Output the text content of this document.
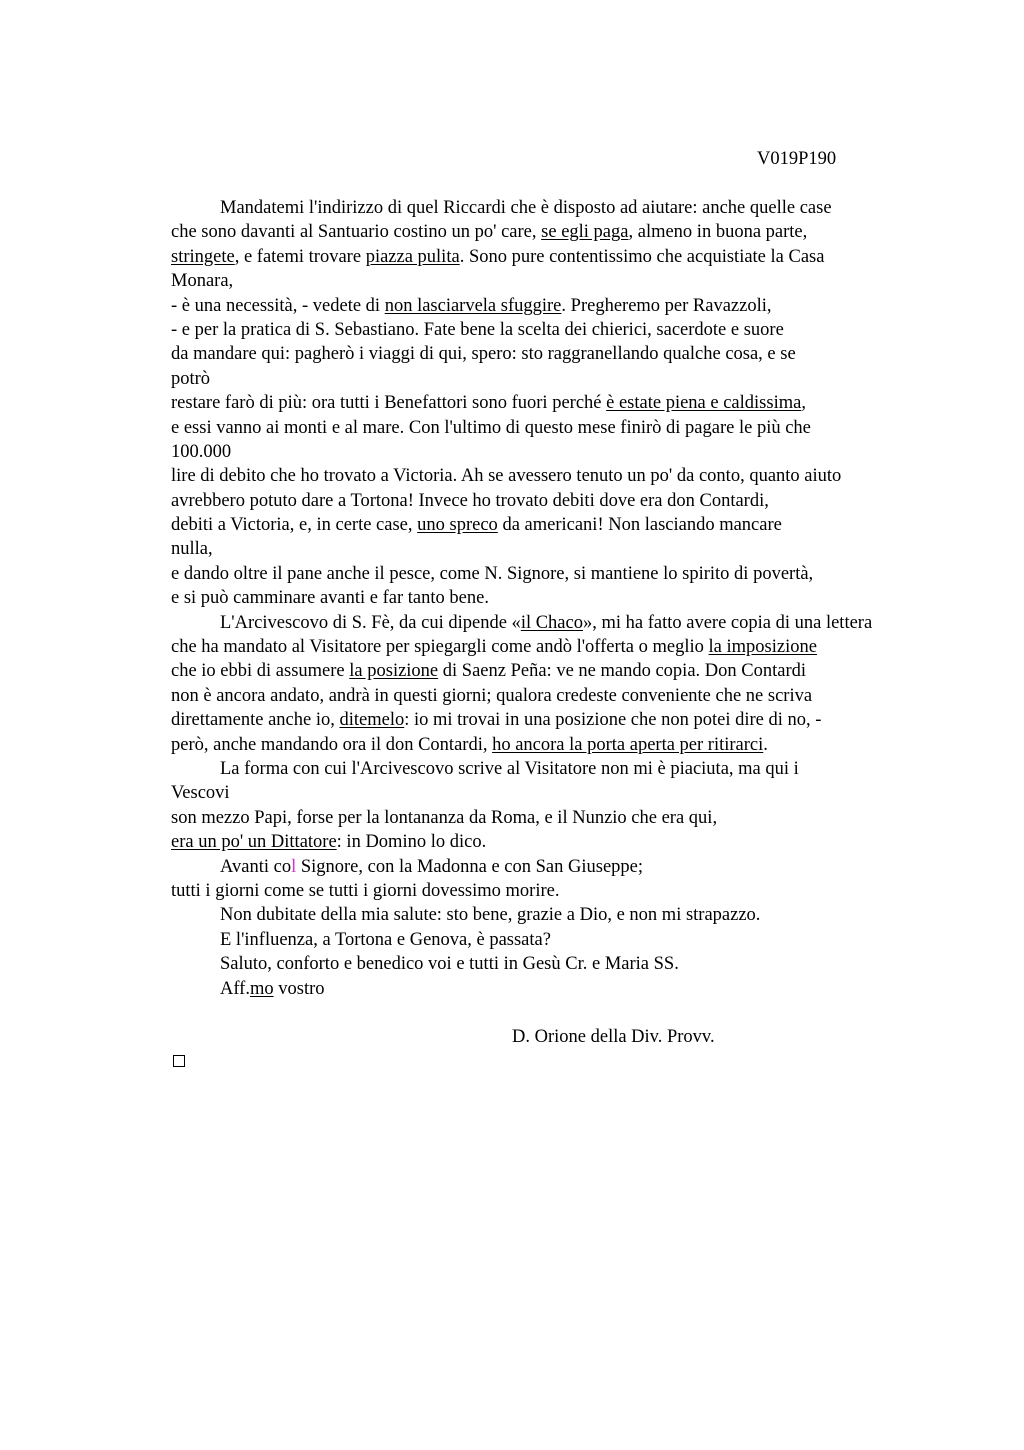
V019P190
Mandatemi l'indirizzo di quel Riccardi che è disposto ad aiutare: anche quelle case
che sono davanti al Santuario costino un po' care, se egli paga, almeno in buona parte,
stringete, e fatemi trovare piazza pulita. Sono pure contentissimo che acquistiate la Casa
Monara,
- è una necessità, - vedete di non lasciarvela sfuggire. Pregheremo per Ravazzoli,
- e per la pratica di S. Sebastiano. Fate bene la scelta dei chierici, sacerdote e suore
da mandare qui: pagherò i viaggi di qui, spero: sto raggranellando qualche cosa, e se
potrò
restare farò di più: ora tutti i Benefattori sono fuori perché è estate piena e caldissima,
e essi vanno ai monti e al mare. Con l'ultimo di questo mese finirò di pagare le più che
100.000
lire di debito che ho trovato a Victoria. Ah se avessero tenuto un po' da conto, quanto aiuto
avrebbero potuto dare a Tortona! Invece ho trovato debiti dove era don Contardi,
debiti a Victoria, e, in certe case, uno spreco da americani! Non lasciando mancare
nulla,
e dando oltre il pane anche il pesce, come N. Signore, si mantiene lo spirito di povertà,
e si può camminare avanti e far tanto bene.
L'Arcivescovo di S. Fè, da cui dipende «il Chaco», mi ha fatto avere copia di una lettera
che ha mandato al Visitatore per spiegargli come andò l'offerta o meglio la imposizione
che io ebbi di assumere la posizione di Saenz Peña: ve ne mando copia. Don Contardi
non è ancora andato, andrà in questi giorni; qualora credeste conveniente che ne scriva
direttamente anche io, ditemelo: io mi trovai in una posizione che non potei dire di no, -
però, anche mandando ora il don Contardi, ho ancora la porta aperta per ritirarci.
La forma con cui l'Arcivescovo scrive al Visitatore non mi è piaciuta, ma qui i
Vescovi
son mezzo Papi, forse per la lontananza da Roma, e il Nunzio che era qui,
era un po' un Dittatore: in Domino lo dico.
Avanti col Signore, con la Madonna e con San Giuseppe;
tutti i giorni come se tutti i giorni dovessimo morire.
Non dubitate della mia salute: sto bene, grazie a Dio, e non mi strapazzo.
E l'influenza, a Tortona e Genova, è passata?
Saluto, conforto e benedico voi e tutti in Gesù Cr. e Maria SS.
Aff.mo vostro
D. Orione della Div. Provv.
